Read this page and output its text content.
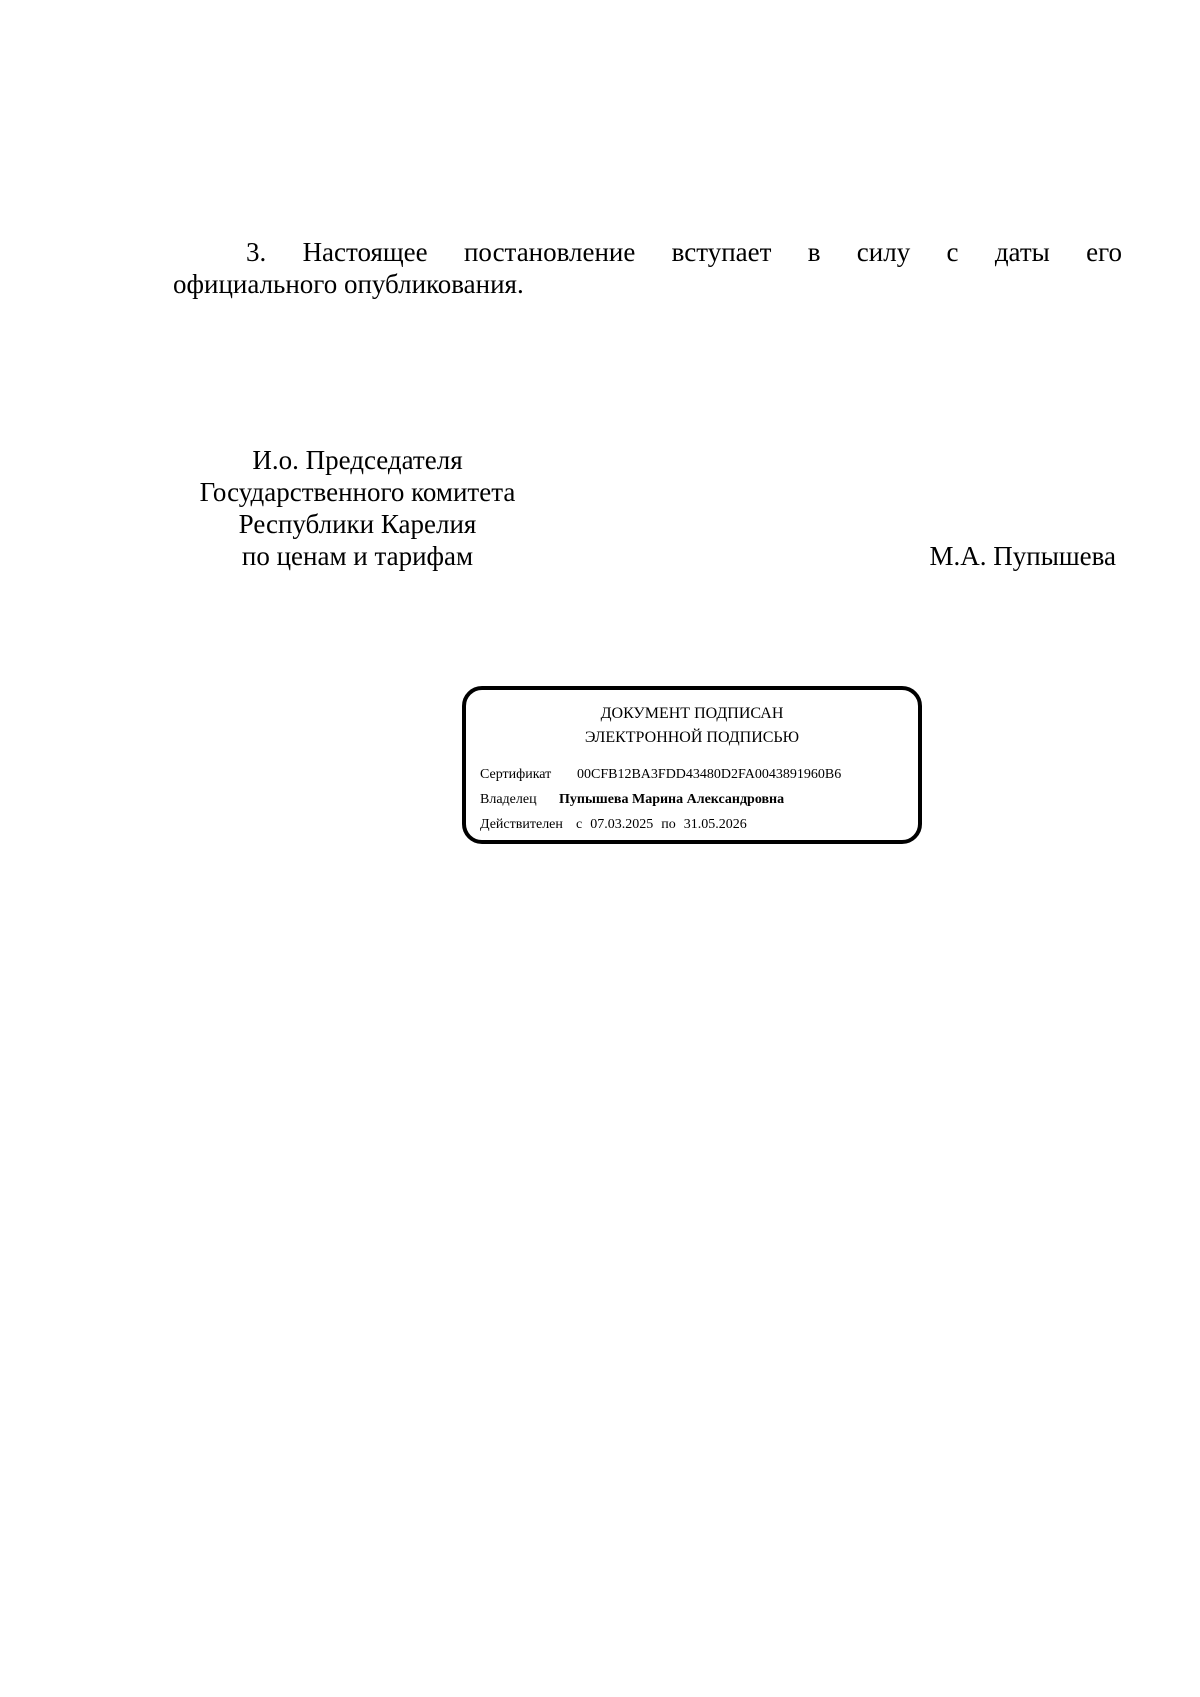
3. Настоящее постановление вступает в силу с даты его
официального опубликования.
И.о. Председателя
Государственного комитета
Республики Карелия
по ценам и тарифам	М.А. Пупышева
ДОКУМЕНТ ПОДПИСАН
ЭЛЕКТРОННОЙ ПОДПИСЬЮ
Сертификат 00CFB12BA3FDD43480D2FA0043891960B6
Владелец Пупышева Марина Александровна
Действителен с 07.03.2025 по 31.05.2026
